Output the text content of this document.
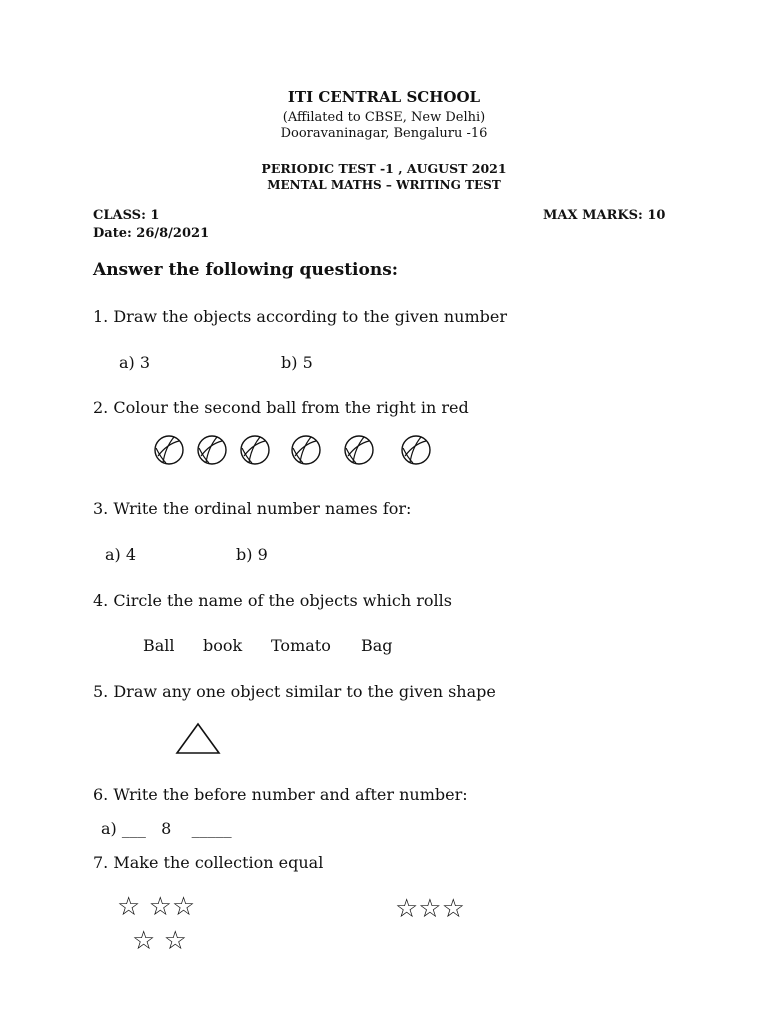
ITI CENTRAL SCHOOL
(Affilated to CBSE, New Delhi)
Dooravaninagar, Bengaluru -16
PERIODIC TEST -1 , AUGUST 2021
MENTAL MATHS – WRITING TEST
CLASS: 1
Date: 26/8/2021
MAX MARKS: 10
Answer the following questions:
1. Draw the objects according to the given number
a) 3	b) 5
2. Colour the second ball from the right in red
3. Write the ordinal number names for:
a) 4	b) 9
4. Circle the name of the objects which rolls
Ball book Tomato Bag
5. Draw any one object similar to the given shape
6. Write the before number and after number:
a) ___   8    _____
7. Make the collection equal
☆ ☆☆
☆ ☆
☆☆☆
